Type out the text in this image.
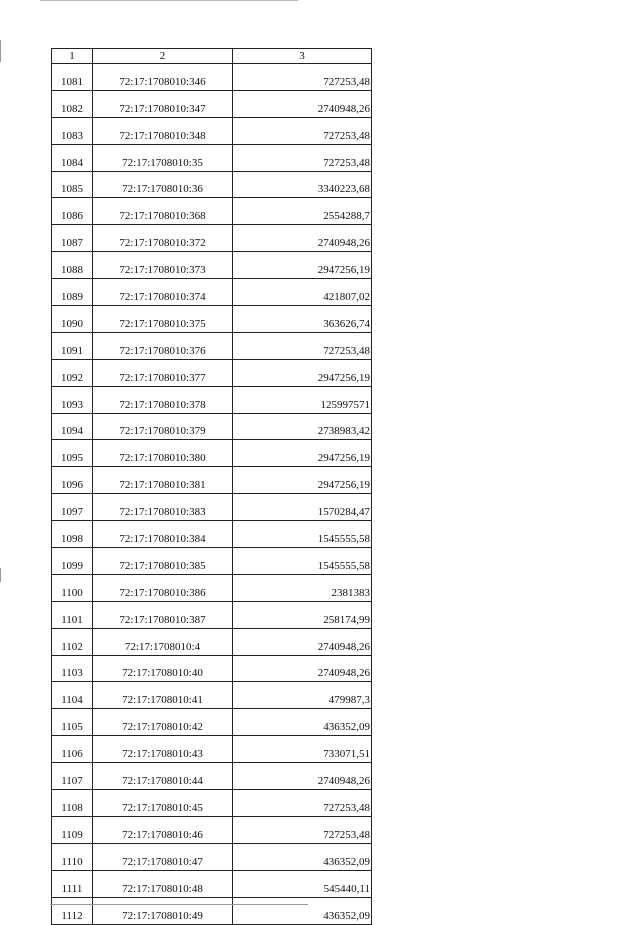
1	2	3
1081	72:17:1708010:346	727253,48
1082	72:17:1708010:347	2740948,26
1083	72:17:1708010:348	727253,48
1084	72:17:1708010:35	727253,48
1085	72:17:1708010:36	3340223,68
1086	72:17:1708010:368	2554288,7
1087	72:17:1708010:372	2740948,26
1088	72:17:1708010:373	2947256,19
1089	72:17:1708010:374	421807,02
1090	72:17:1708010:375	363626,74
1091	72:17:1708010:376	727253,48
1092	72:17:1708010:377	2947256,19
1093	72:17:1708010:378	125997571
1094	72:17:1708010:379	2738983,42
1095	72:17:1708010:380	2947256,19
1096	72:17:1708010:381	2947256,19
1097	72:17:1708010:383	1570284,47
1098	72:17:1708010:384	1545555,58
1099	72:17:1708010:385	1545555,58
1100	72:17:1708010:386	2381383
1101	72:17:1708010:387	258174,99
1102	72:17:1708010:4	2740948,26
1103	72:17:1708010:40	2740948,26
1104	72:17:1708010:41	479987,3
1105	72:17:1708010:42	436352,09
1106	72:17:1708010:43	733071,51
1107	72:17:1708010:44	2740948,26
1108	72:17:1708010:45	727253,48
1109	72:17:1708010:46	727253,48
1110	72:17:1708010:47	436352,09
1111	72:17:1708010:48	545440,11
1112	72:17:1708010:49	436352,09
